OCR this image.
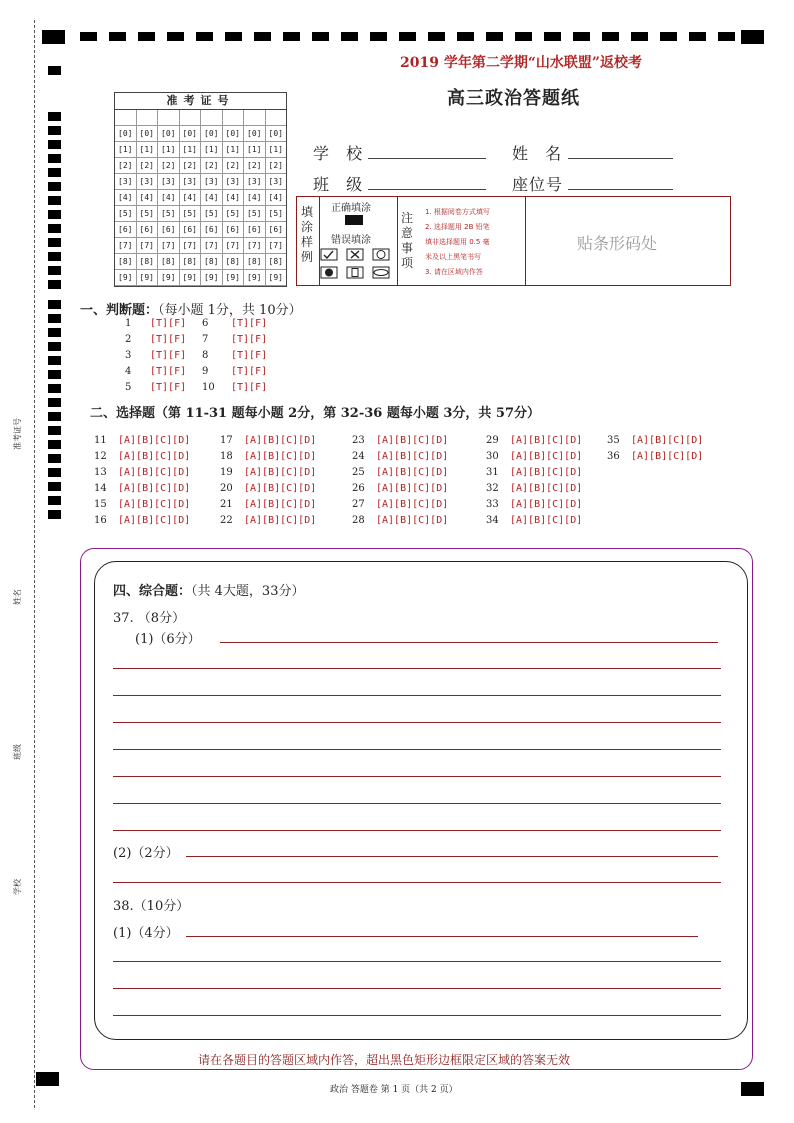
准考证号
姓名
班级
学校
2019 学年第二学期“山水联盟”返校考
高三政治答题纸
准考证号
[0] [0] [0] [0] [0] [0] [0] [0]
[1] [1] [1] [1] [1] [1] [1] [1]
[2] [2] [2] [2] [2] [2] [2] [2]
[3] [3] [3] [3] [3] [3] [3] [3]
[4] [4] [4] [4] [4] [4] [4] [4]
[5] [5] [5] [5] [5] [5] [5] [5]
[6] [6] [6] [6] [6] [6] [6] [6]
[7] [7] [7] [7] [7] [7] [7] [7]
[8] [8] [8] [8] [8] [8] [8] [8]
[9] [9] [9] [9] [9] [9] [9] [9]
学 校	姓 名
班 级	座位号
填
涂
样
例
正确填涂
错误填涂
注
意
事
项
1. 根据阅卷方式填写
2. 选择题用 2B 铅笔
填非选择题用 0.5 毫
米及以上黑笔书写
3. 请在区域内作答
贴条形码处
一、判断题：（每小题 1分，共 10分）
1 [T][F]
2 [T][F]
3 [T][F]
4 [T][F]
5 [T][F]
6 [T][F]
7 [T][F]
8 [T][F]
9 [T][F]
10 [T][F]
二、选择题（第 11-31 题每小题 2分，第 32-36 题每小题 3分，共 57分）
11 [A][B][C][D]
12 [A][B][C][D]
13 [A][B][C][D]
14 [A][B][C][D]
15 [A][B][C][D]
16 [A][B][C][D]
17 [A][B][C][D]
18 [A][B][C][D]
19 [A][B][C][D]
20 [A][B][C][D]
21 [A][B][C][D]
22 [A][B][C][D]
23 [A][B][C][D]
24 [A][B][C][D]
25 [A][B][C][D]
26 [A][B][C][D]
27 [A][B][C][D]
28 [A][B][C][D]
29 [A][B][C][D]
30 [A][B][C][D]
31 [A][B][C][D]
32 [A][B][C][D]
33 [A][B][C][D]
34 [A][B][C][D]
35 [A][B][C][D]
36 [A][B][C][D]
四、综合题：（共 4大题，33分）
37. （8分）
(1)（6分）
(2)（2分）
38.（10分）
(1)（4分）
请在各题目的答题区域内作答，超出黑色矩形边框限定区域的答案无效
政治 答题卷 第 1 页（共 2 页）
